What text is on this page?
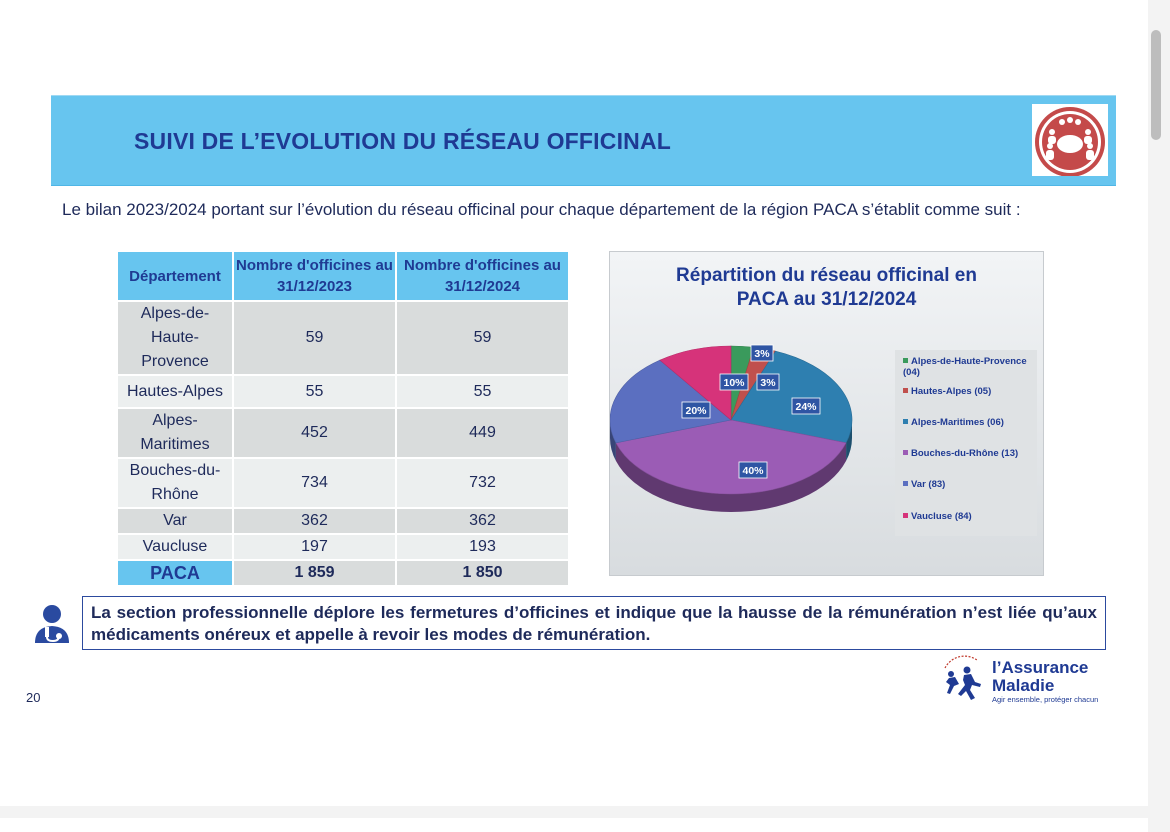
SUIVI DE L’EVOLUTION DU RÉSEAU OFFICINAL
Le bilan 2023/2024 portant sur l’évolution du réseau officinal pour chaque département de la région PACA s’établit comme suit :
Département	Nombre d'officines au 31/12/2023	Nombre d'officines au 31/12/2024

Alpes-de-Haute-Provence	59	59
Hautes-Alpes	55	55

Alpes-Maritimes	452	449

Bouches-du-Rhône	734	732
Var	362	362
Vaucluse	197	193
PACA	1 859	1 850
Répartition du réseau officinal en PACA au 31/12/2024
3%
3%
24%
40%
20%
10%
Alpes-de-Haute-Provence (04)
Hautes-Alpes (05)
Alpes-Maritimes (06)
Bouches-du-Rhône (13)
Var (83)
Vaucluse (84)
La section professionnelle déplore les fermetures d’officines et indique que la hausse de la rémunération n’est liée qu’aux médicaments onéreux et appelle à revoir les modes de rémunération.
20
l’Assurance
Maladie
Agir ensemble, protéger chacun
